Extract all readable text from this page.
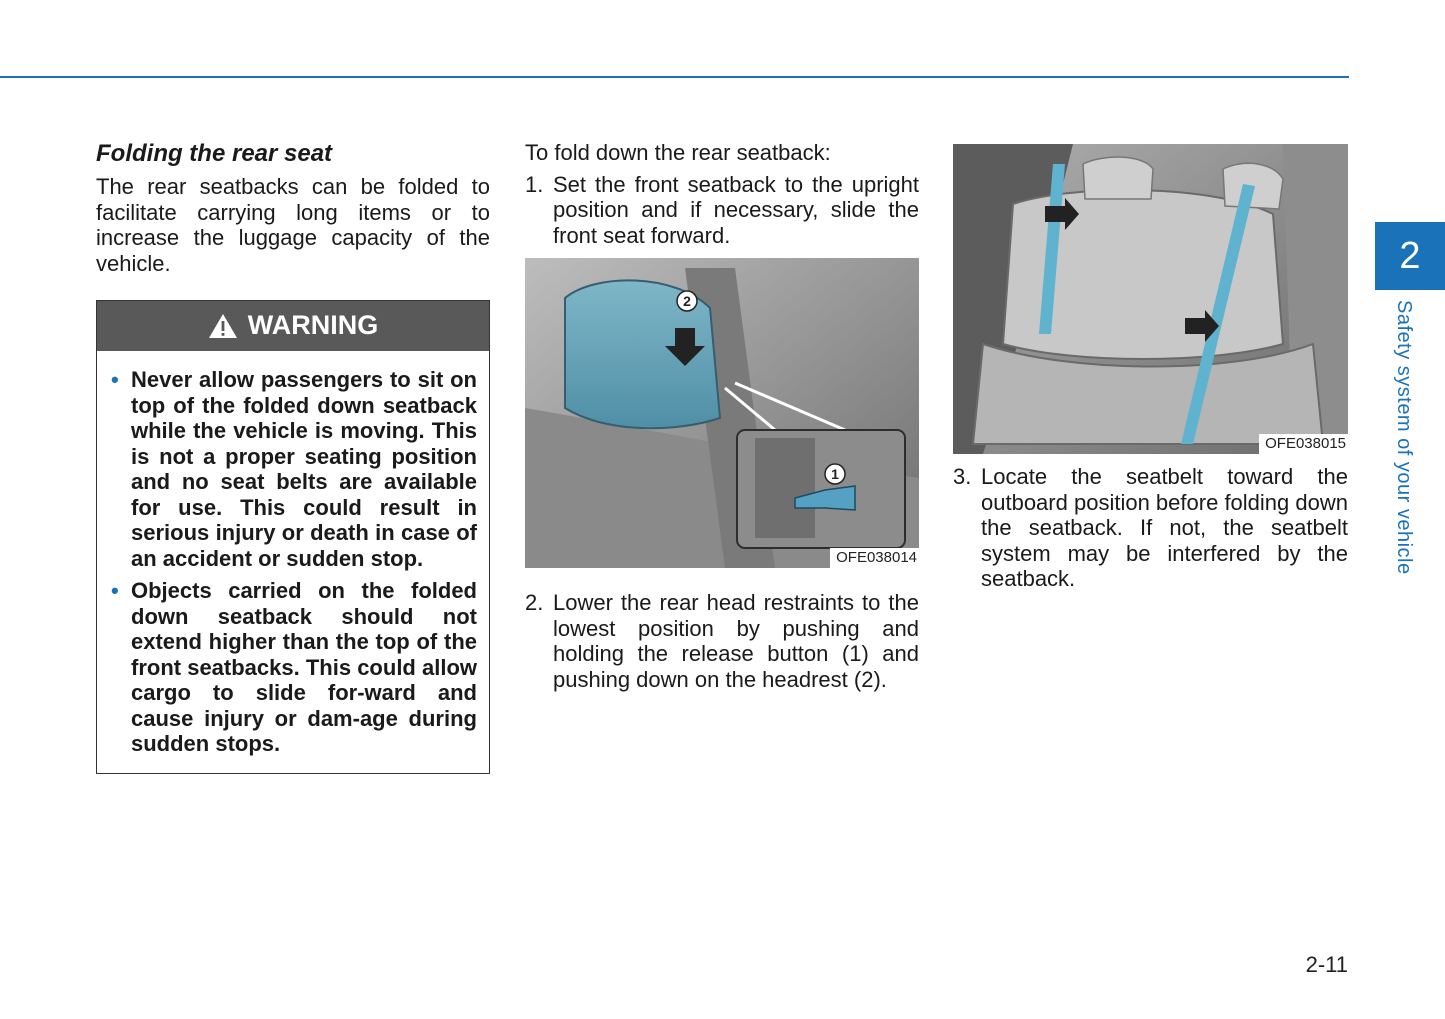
2
Safety system of your vehicle
Folding the rear seat

The rear seatbacks can be folded to facilitate carrying long items or to increase the luggage capacity of the vehicle.

WARNING
• Never allow passengers to sit on top of the folded down seatback while the vehicle is moving. This is not a proper seating position and no seat belts are available for use. This could result in serious injury or death in case of an accident or sudden stop.
• Objects carried on the folded down seatback should not extend higher than the top of the front seatbacks. This could allow cargo to slide for-ward and cause injury or dam-age during sudden stops.

To fold down the rear seatback:

1. Set the front seatback to the upright position and if necessary, slide the front seat forward.
2
1
OFE038014
2. Lower the rear head restraints to the lowest position by pushing and holding the release button (1) and pushing down on the headrest (2).
OFE038015
3. Locate the seatbelt toward the outboard position before folding down the seatback. If not, the seatbelt system may be interfered by the seatback.
2-11
